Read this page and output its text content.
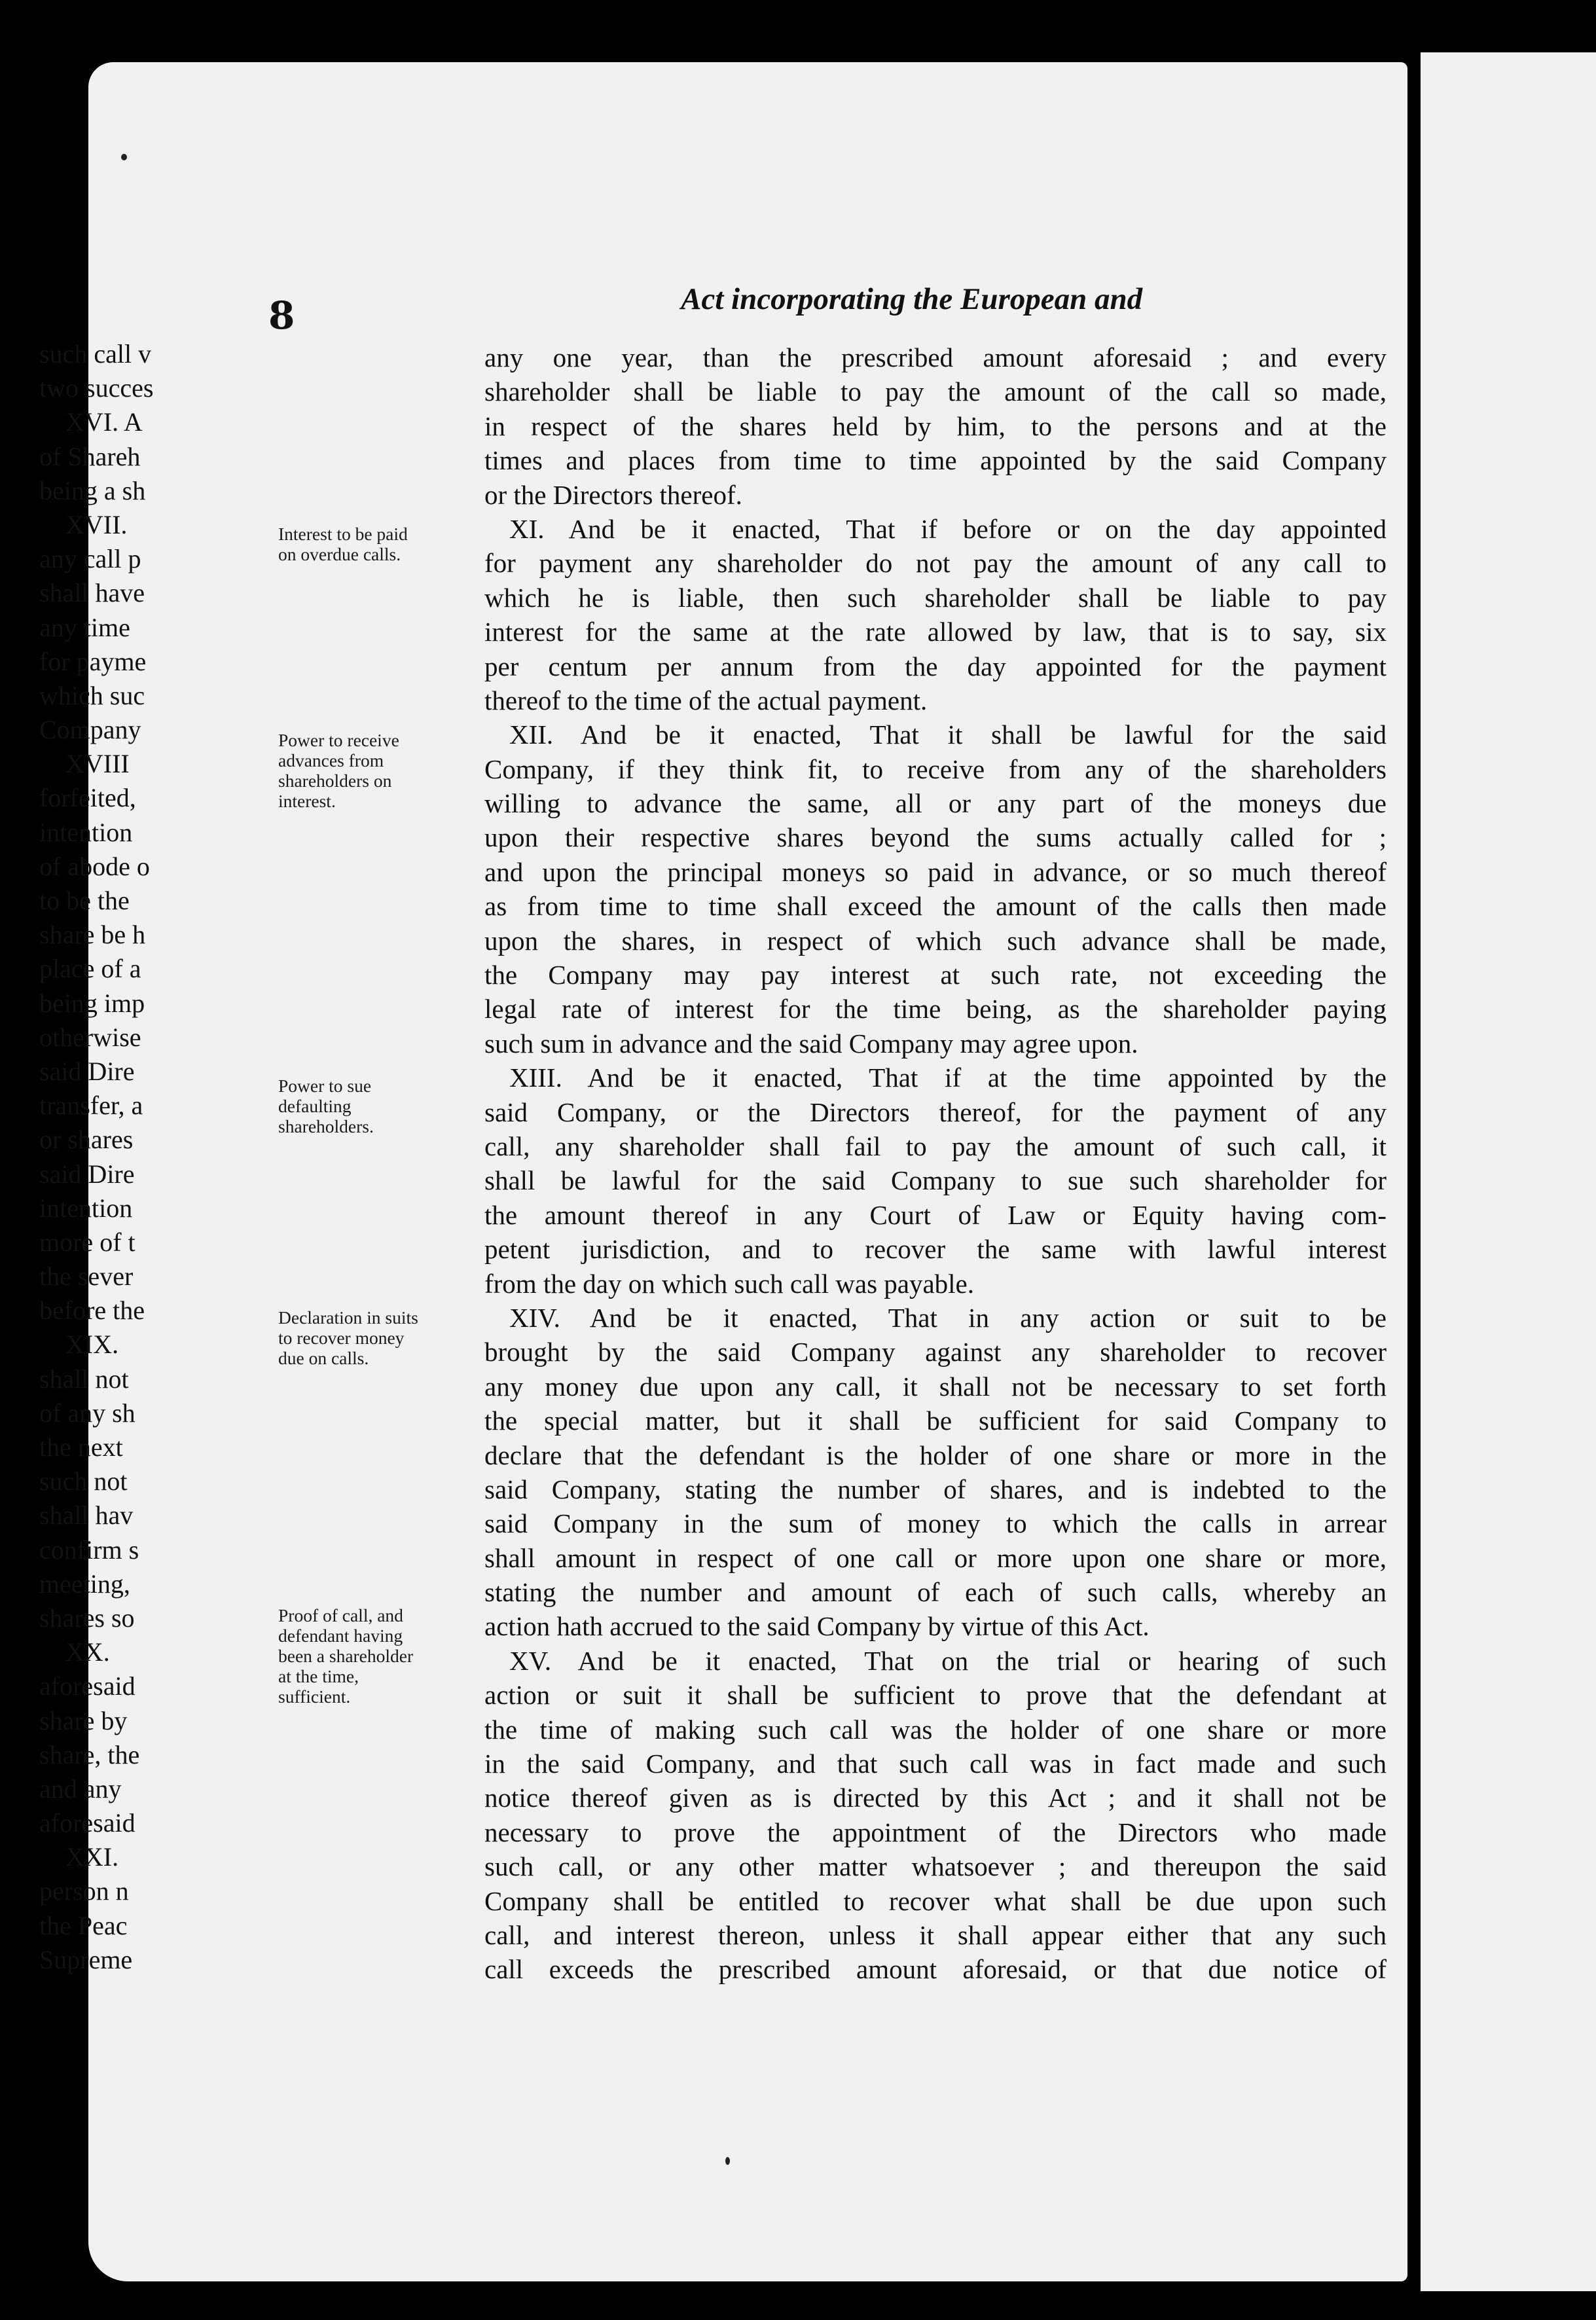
8	Act incorporating the European and
Interest to be paid
on overdue calls.
Power to receive
advances from
shareholders on
interest.
Power to sue
defaulting
shareholders.
Declaration in suits
to recover money
due on calls.
Proof of call, and
defendant having
been a shareholder
at the time,
sufficient.
any one year, than the prescribed amount aforesaid ; and every
shareholder shall be liable to pay the amount of the call so made,
in respect of the shares held by him, to the persons and at the
times and places from time to time appointed by the said Company
or the Directors thereof.
XI. And be it enacted, That if before or on the day appointed
for payment any shareholder do not pay the amount of any call to
which he is liable, then such shareholder shall be liable to pay
interest for the same at the rate allowed by law, that is to say, six
per centum per annum from the day appointed for the payment
thereof to the time of the actual payment.
XII. And be it enacted, That it shall be lawful for the said
Company, if they think fit, to receive from any of the shareholders
willing to advance the same, all or any part of the moneys due
upon their respective shares beyond the sums actually called for ;
and upon the principal moneys so paid in advance, or so much thereof
as from time to time shall exceed the amount of the calls then made
upon the shares, in respect of which such advance shall be made,
the Company may pay interest at such rate, not exceeding the
legal rate of interest for the time being, as the shareholder paying
such sum in advance and the said Company may agree upon.
XIII. And be it enacted, That if at the time appointed by the
said Company, or the Directors thereof, for the payment of any
call, any shareholder shall fail to pay the amount of such call, it
shall be lawful for the said Company to sue such shareholder for
the amount thereof in any Court of Law or Equity having com-
petent jurisdiction, and to recover the same with lawful interest
from the day on which such call was payable.
XIV. And be it enacted, That in any action or suit to be
brought by the said Company against any shareholder to recover
any money due upon any call, it shall not be necessary to set forth
the special matter, but it shall be sufficient for said Company to
declare that the defendant is the holder of one share or more in the
said Company, stating the number of shares, and is indebted to the
said Company in the sum of money to which the calls in arrear
shall amount in respect of one call or more upon one share or more,
stating the number and amount of each of such calls, whereby an
action hath accrued to the said Company by virtue of this Act.
XV. And be it enacted, That on the trial or hearing of such
action or suit it shall be sufficient to prove that the defendant at
the time of making such call was the holder of one share or more
in the said Company, and that such call was in fact made and such
notice thereof given as is directed by this Act ; and it shall not be
necessary to prove the appointment of the Directors who made
such call, or any other matter whatsoever ; and thereupon the said
Company shall be entitled to recover what shall be due upon such
call, and interest thereon, unless it shall appear either that any such
call exceeds the prescribed amount aforesaid, or that due notice of
such call v
two succes
XVI. A
of Shareh
being a sh
XVII.
any call p
shall have
any time
for payme
which suc
Company
XVIII
forfeited,
intention
of abode o
to be the
share be h
place of a
being imp
otherwise
said Dire
transfer, a
or shares
said Dire
intention
more of t
the sever
before the
XIX.
shall not
of any sh
the next
such not
shall hav
confirm s
meeting,
shares so
XX.
aforesaid
share by
share, the
and any
aforesaid
XXI.
person n
the Peac
Supreme
